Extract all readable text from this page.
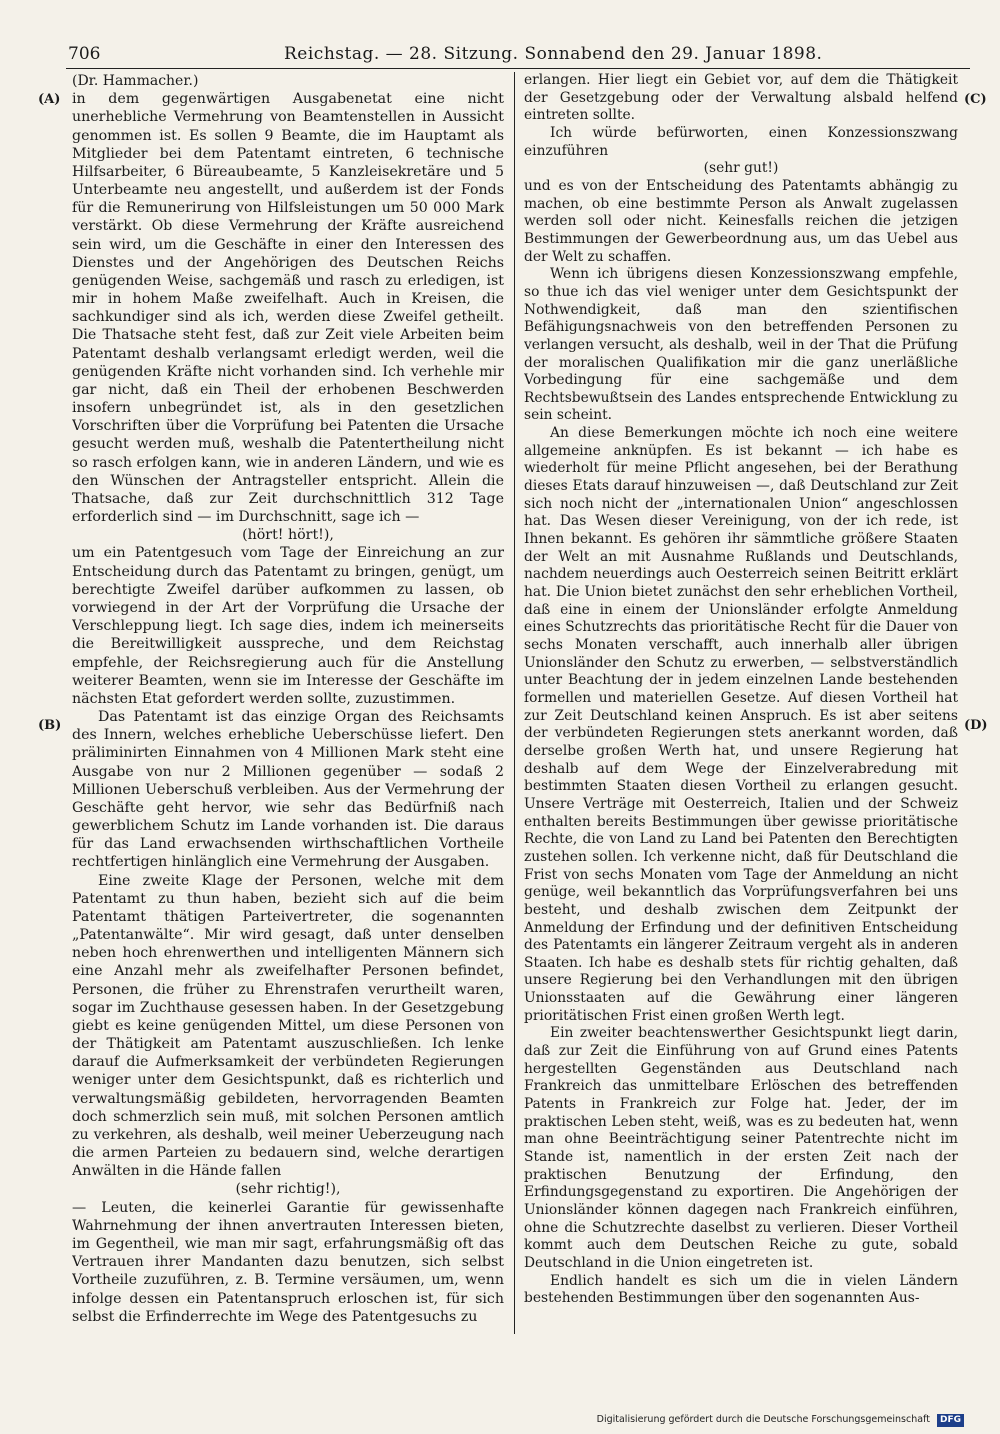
706	Reichstag. — 28. Sitzung. Sonnabend den 29. Januar 1898.
(A)
(B)
(C)
(D)

(Dr. Hammacher.)

in dem gegenwärtigen Ausgabenetat eine nicht unerhebliche Vermehrung von Beamtenstellen in Aussicht genommen ist. Es sollen 9 Beamte, die im Hauptamt als Mitglieder bei dem Patentamt eintreten, 6 technische Hilfsarbeiter, 6 Büreaubeamte, 5 Kanzleisekretäre und 5 Unterbeamte neu angestellt, und außerdem ist der Fonds für die Remunerirung von Hilfsleistungen um 50 000 Mark verstärkt. Ob diese Vermehrung der Kräfte ausreichend sein wird, um die Geschäfte in einer den Interessen des Dienstes und der Angehörigen des Deutschen Reichs genügenden Weise, sachgemäß und rasch zu erledigen, ist mir in hohem Maße zweifelhaft. Auch in Kreisen, die sachkundiger sind als ich, werden diese Zweifel getheilt. Die Thatsache steht fest, daß zur Zeit viele Arbeiten beim Patentamt deshalb verlangsamt erledigt werden, weil die genügenden Kräfte nicht vorhanden sind. Ich verhehle mir gar nicht, daß ein Theil der erhobenen Beschwerden insofern unbegründet ist, als in den gesetzlichen Vorschriften über die Vorprüfung bei Patenten die Ursache gesucht werden muß, weshalb die Patentertheilung nicht so rasch erfolgen kann, wie in anderen Ländern, und wie es den Wünschen der Antragsteller entspricht. Allein die Thatsache, daß zur Zeit durchschnittlich 312 Tage erforderlich sind — im Durchschnitt, sage ich —

(hört! hört!),

um ein Patentgesuch vom Tage der Einreichung an zur Entscheidung durch das Patentamt zu bringen, genügt, um berechtigte Zweifel darüber aufkommen zu lassen, ob vorwiegend in der Art der Vorprüfung die Ursache der Verschleppung liegt. Ich sage dies, indem ich meinerseits die Bereitwilligkeit ausspreche, und dem Reichstag empfehle, der Reichsregierung auch für die Anstellung weiterer Beamten, wenn sie im Interesse der Geschäfte im nächsten Etat gefordert werden sollte, zuzustimmen.

Das Patentamt ist das einzige Organ des Reichsamts des Innern, welches erhebliche Ueberschüsse liefert. Den präliminirten Einnahmen von 4 Millionen Mark steht eine Ausgabe von nur 2 Millionen gegenüber — sodaß 2 Millionen Ueberschuß verbleiben. Aus der Vermehrung der Geschäfte geht hervor, wie sehr das Bedürfniß nach gewerblichem Schutz im Lande vorhanden ist. Die daraus für das Land erwachsenden wirthschaftlichen Vortheile rechtfertigen hinlänglich eine Vermehrung der Ausgaben.

Eine zweite Klage der Personen, welche mit dem Patentamt zu thun haben, bezieht sich auf die beim Patentamt thätigen Parteivertreter, die sogenannten „Patentanwälte“. Mir wird gesagt, daß unter denselben neben hoch ehrenwerthen und intelligenten Männern sich eine Anzahl mehr als zweifelhafter Personen befindet, Personen, die früher zu Ehrenstrafen verurtheilt waren, sogar im Zuchthause gesessen haben. In der Gesetzgebung giebt es keine genügenden Mittel, um diese Personen von der Thätigkeit am Patentamt auszuschließen. Ich lenke darauf die Aufmerksamkeit der verbündeten Regierungen weniger unter dem Gesichtspunkt, daß es richterlich und verwaltungsmäßig gebildeten, hervorragenden Beamten doch schmerzlich sein muß, mit solchen Personen amtlich zu verkehren, als deshalb, weil meiner Ueberzeugung nach die armen Parteien zu bedauern sind, welche derartigen Anwälten in die Hände fallen

(sehr richtig!),

— Leuten, die keinerlei Garantie für gewissenhafte Wahrnehmung der ihnen anvertrauten Interessen bieten, im Gegentheil, wie man mir sagt, erfahrungsmäßig oft das Vertrauen ihrer Mandanten dazu benutzen, sich selbst Vortheile zuzuführen, z. B. Termine versäumen, um, wenn infolge dessen ein Patentanspruch erloschen ist, für sich selbst die Erfinderrechte im Wege des Patentgesuchs zu

erlangen. Hier liegt ein Gebiet vor, auf dem die Thätigkeit der Gesetzgebung oder der Verwaltung alsbald helfend eintreten sollte.

Ich würde befürworten, einen Konzessionszwang einzuführen

(sehr gut!)

und es von der Entscheidung des Patentamts abhängig zu machen, ob eine bestimmte Person als Anwalt zugelassen werden soll oder nicht. Keinesfalls reichen die jetzigen Bestimmungen der Gewerbeordnung aus, um das Uebel aus der Welt zu schaffen.

Wenn ich übrigens diesen Konzessionszwang empfehle, so thue ich das viel weniger unter dem Gesichtspunkt der Nothwendigkeit, daß man den szientifischen Befähigungsnachweis von den betreffenden Personen zu verlangen versucht, als deshalb, weil in der That die Prüfung der moralischen Qualifikation mir die ganz unerläßliche Vorbedingung für eine sachgemäße und dem Rechtsbewußtsein des Landes entsprechende Entwicklung zu sein scheint.

An diese Bemerkungen möchte ich noch eine weitere allgemeine anknüpfen. Es ist bekannt — ich habe es wiederholt für meine Pflicht angesehen, bei der Berathung dieses Etats darauf hinzuweisen —, daß Deutschland zur Zeit sich noch nicht der „internationalen Union“ angeschlossen hat. Das Wesen dieser Vereinigung, von der ich rede, ist Ihnen bekannt. Es gehören ihr sämmtliche größere Staaten der Welt an mit Ausnahme Rußlands und Deutschlands, nachdem neuerdings auch Oesterreich seinen Beitritt erklärt hat. Die Union bietet zunächst den sehr erheblichen Vortheil, daß eine in einem der Unionsländer erfolgte Anmeldung eines Schutzrechts das prioritätische Recht für die Dauer von sechs Monaten verschafft, auch innerhalb aller übrigen Unionsländer den Schutz zu erwerben, — selbstverständlich unter Beachtung der in jedem einzelnen Lande bestehenden formellen und materiellen Gesetze. Auf diesen Vortheil hat zur Zeit Deutschland keinen Anspruch. Es ist aber seitens der verbündeten Regierungen stets anerkannt worden, daß derselbe großen Werth hat, und unsere Regierung hat deshalb auf dem Wege der Einzelverabredung mit bestimmten Staaten diesen Vortheil zu erlangen gesucht. Unsere Verträge mit Oesterreich, Italien und der Schweiz enthalten bereits Bestimmungen über gewisse prioritätische Rechte, die von Land zu Land bei Patenten den Berechtigten zustehen sollen. Ich verkenne nicht, daß für Deutschland die Frist von sechs Monaten vom Tage der Anmeldung an nicht genüge, weil bekanntlich das Vorprüfungsverfahren bei uns besteht, und deshalb zwischen dem Zeitpunkt der Anmeldung der Erfindung und der definitiven Entscheidung des Patentamts ein längerer Zeitraum vergeht als in anderen Staaten. Ich habe es deshalb stets für richtig gehalten, daß unsere Regierung bei den Verhandlungen mit den übrigen Unionsstaaten auf die Gewährung einer längeren prioritätischen Frist einen großen Werth legt.

Ein zweiter beachtenswerther Gesichtspunkt liegt darin, daß zur Zeit die Einführung von auf Grund eines Patents hergestellten Gegenständen aus Deutschland nach Frankreich das unmittelbare Erlöschen des betreffenden Patents in Frankreich zur Folge hat. Jeder, der im praktischen Leben steht, weiß, was es zu bedeuten hat, wenn man ohne Beeinträchtigung seiner Patentrechte nicht im Stande ist, namentlich in der ersten Zeit nach der praktischen Benutzung der Erfindung, den Erfindungsgegenstand zu exportiren. Die Angehörigen der Unionsländer können dagegen nach Frankreich einführen, ohne die Schutzrechte daselbst zu verlieren. Dieser Vortheil kommt auch dem Deutschen Reiche zu gute, sobald Deutschland in die Union eingetreten ist.

Endlich handelt es sich um die in vielen Ländern bestehenden Bestimmungen über den sogenannten Aus-

Digitalisierung gefördert durch die Deutsche Forschungsgemeinschaft DFG
